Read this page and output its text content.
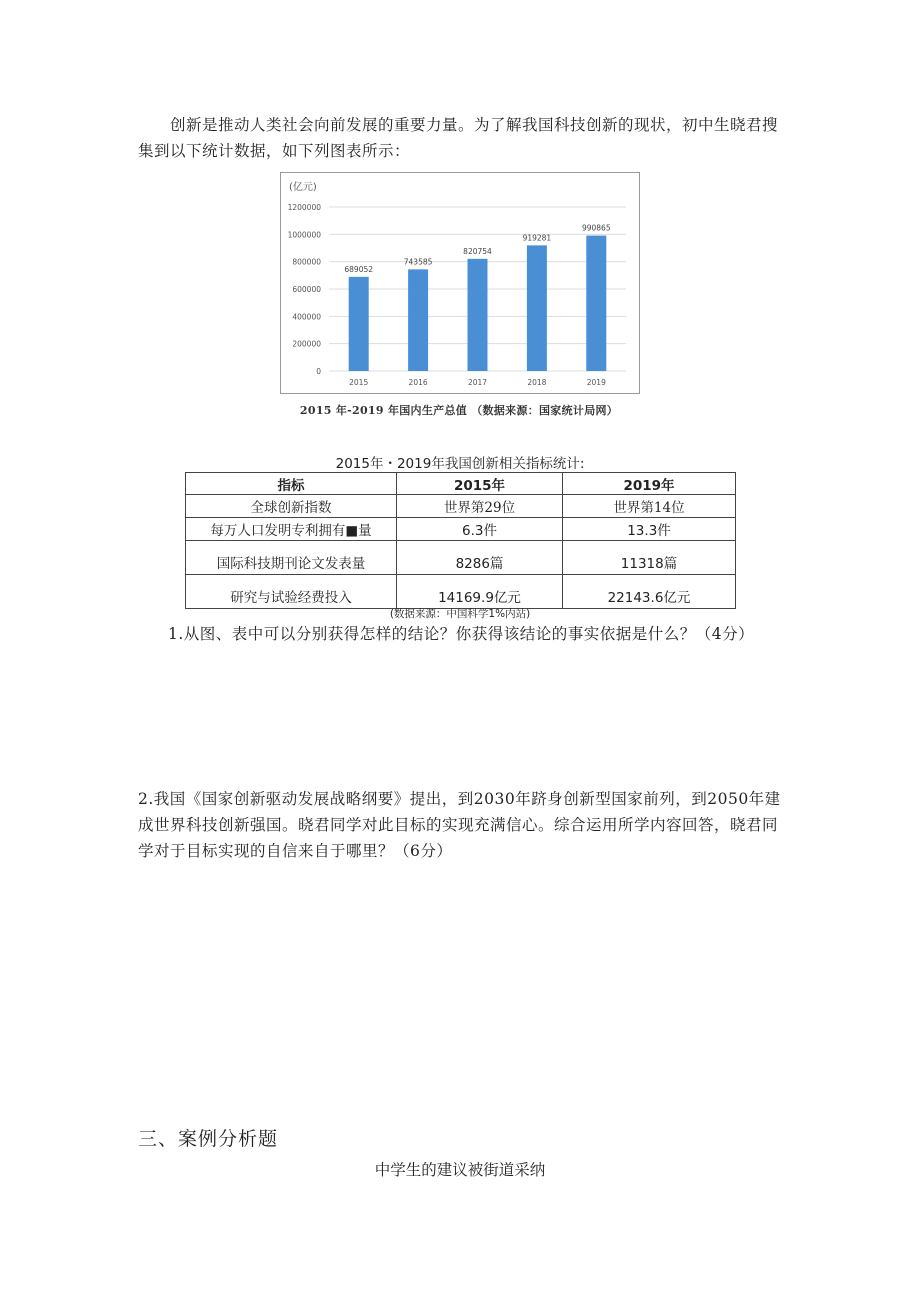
创新是推动人类社会向前发展的重要力量。为了解我国科技创新的现状，初中生晓君搜集到以下统计数据，如下列图表所示：

(亿元)
0
200000
400000
600000
800000
1000000
1200000
689052
2015
743585
2016
820754
2017
919281
2018
990865
2019
2015 年-2019 年国内生产总值 （数据来源：国家统计局网）
2015年・2019年我国创新相关指标统计:
指标	2015年	2019年
全球创新指数	世界第29位	世界第14位
每万人口发明专利拥有■量	6.3件	13.3件
国际科技期刊论文发表量	8286篇	11318篇
研究与试验经费投入	14169.9亿元	22143.6亿元
(数据来源：中国科学1%内站)

1.从图、表中可以分别获得怎样的结论？你获得该结论的事实依据是什么？（4分）

2.我国《国家创新驱动发展战略纲要》提出，到2030年跻身创新型国家前列，到2050年建成世界科技创新强国。晓君同学对此目标的实现充满信心。综合运用所学内容回答，晓君同学对于目标实现的自信来自于哪里？（6分）

三、案例分析题
中学生的建议被街道采纳
